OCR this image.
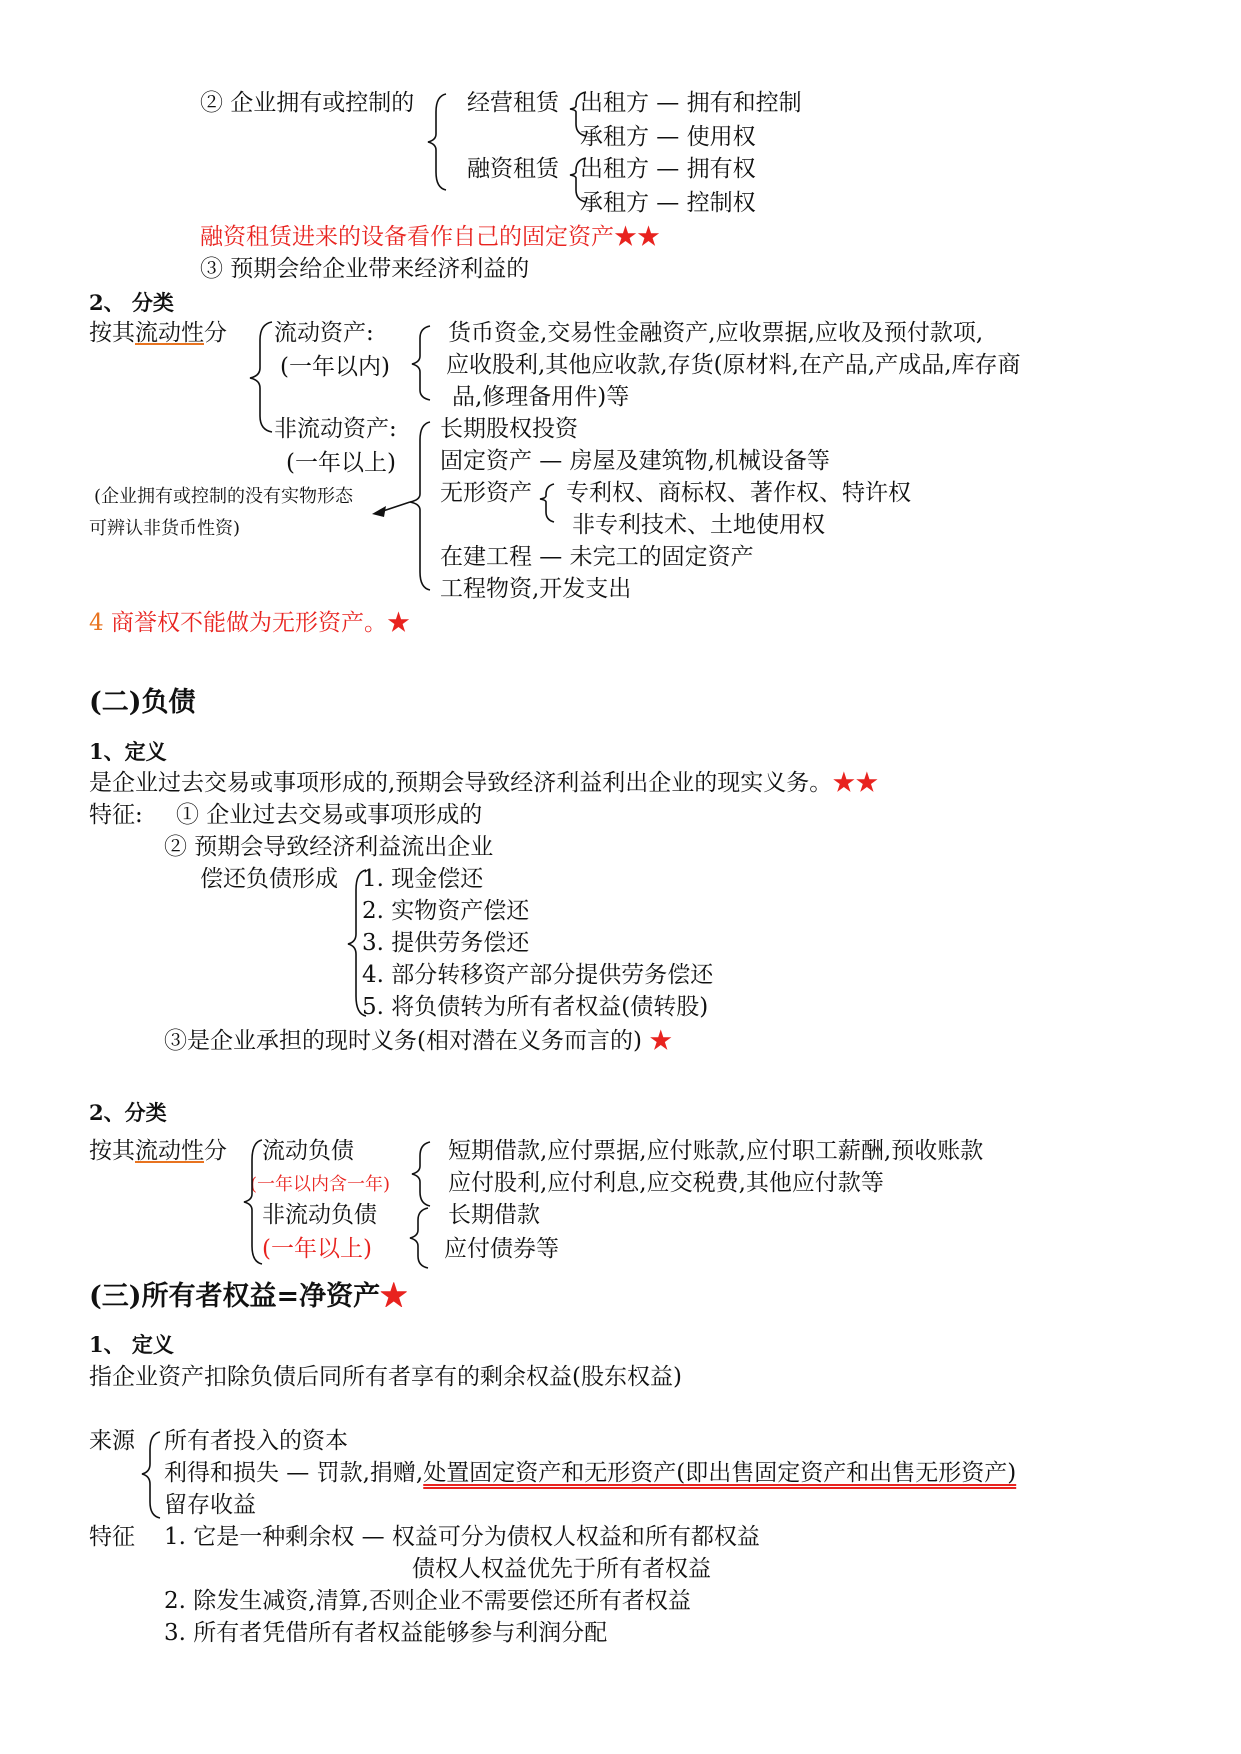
② 企业拥有或控制的 经营租赁
融资租赁
出租方 — 拥有和控制
承租方 — 使用权
出租方 — 拥有权
承租方 — 控制权
融资租赁进来的设备看作自己的固定资产★★
③ 预期会给企业带来经济利益的
2、 分类
按其流动性分 流动资产:
(一年以内)
货币资金,交易性金融资产,应收票据,应收及预付款项,
应收股利,其他应收款,存货(原材料,在产品,产成品,库存商
品,修理备用件)等
非流动资产:
(一年以上)
长期股权投资
固定资产 — 房屋及建筑物,机械设备等
无形资产 专利权、商标权、著作权、特许权
非专利技术、土地使用权
在建工程 — 未完工的固定资产
工程物资,开发支出
(企业拥有或控制的没有实物形态
可辨认非货币性资)
4 商誉权不能做为无形资产。★
(二)负债
1、定义
是企业过去交易或事项形成的,预期会导致经济利益利出企业的现实义务。★★
特征: ① 企业过去交易或事项形成的
② 预期会导致经济利益流出企业
偿还负债形成 1. 现金偿还
2. 实物资产偿还
3. 提供劳务偿还
4. 部分转移资产部分提供劳务偿还
5. 将负债转为所有者权益(债转股)
③是企业承担的现时义务(相对潜在义务而言的) ★
2、分类
按其流动性分 流动负债
(一年以内含一年)
短期借款,应付票据,应付账款,应付职工薪酬,预收账款
应付股利,应付利息,应交税费,其他应付款等
非流动负债
(一年以上)
长期借款
应付债券等
(三)所有者权益=净资产★
1、 定义
指企业资产扣除负债后同所有者享有的剩余权益(股东权益)
来源 所有者投入的资本
利得和损失 — 罚款,捐赠,处置固定资产和无形资产(即出售固定资产和出售无形资产)
留存收益
特征 1. 它是一种剩余权 — 权益可分为债权人权益和所有都权益
债权人权益优先于所有者权益
2. 除发生减资,清算,否则企业不需要偿还所有者权益
3. 所有者凭借所有者权益能够参与利润分配
